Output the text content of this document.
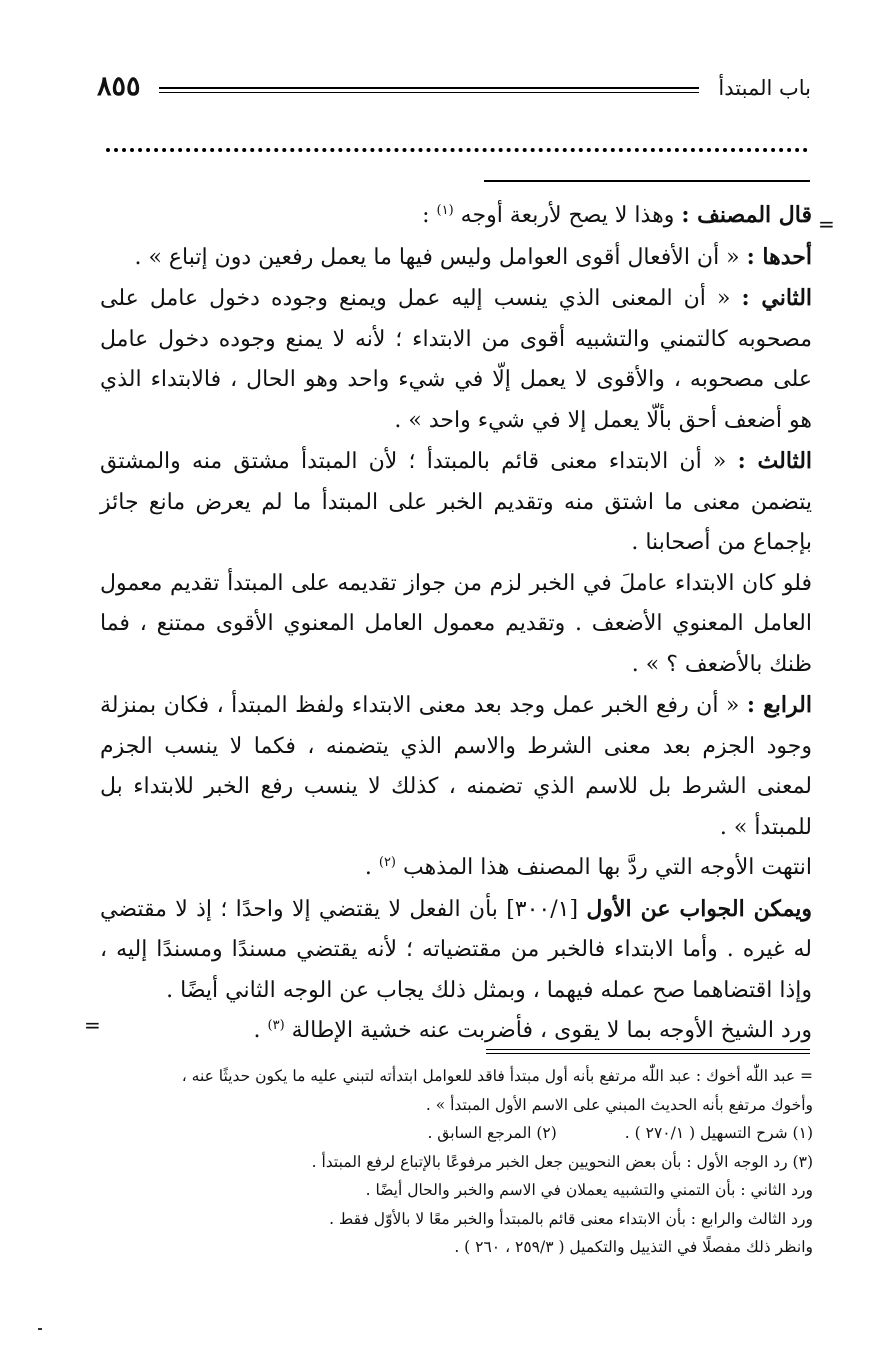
٨٥٥	باب المبتدأ
=
=

قال المصنف : وهذا لا يصح لأربعة أوجه $^{(١)}$ :

أحدها : « أن الأفعال أقوى العوامل وليس فيها ما يعمل رفعين دون إتباع » .

الثاني : « أن المعنى الذي ينسب إليه عمل ويمنع وجوده دخول عامل على مصحوبه كالتمني والتشبيه أقوى من الابتداء ؛ لأنه لا يمنع وجوده دخول عامل على مصحوبه ، والأقوى لا يعمل إلّا في شيء واحد وهو الحال ، فالابتداء الذي هو أضعف أحق بألّا يعمل إلا في شيء واحد » .

الثالث : « أن الابتداء معنى قائم بالمبتدأ ؛ لأن المبتدأ مشتق منه والمشتق يتضمن معنى ما اشتق منه وتقديم الخبر على المبتدأ ما لم يعرض مانع جائز بإجماع من أصحابنا .

فلو كان الابتداء عاملَ في الخبر لزم من جواز تقديمه على المبتدأ تقديم معمول العامل المعنوي الأضعف . وتقديم معمول العامل المعنوي الأقوى ممتنع ، فما ظنك بالأضعف ؟ » .

الرابع : « أن رفع الخبر عمل وجد بعد معنى الابتداء ولفظ المبتدأ ، فكان بمنزلة وجود الجزم بعد معنى الشرط والاسم الذي يتضمنه ، فكما لا ينسب الجزم لمعنى الشرط بل للاسم الذي تضمنه ، كذلك لا ينسب رفع الخبر للابتداء بل للمبتدأ » .

انتهت الأوجه التي ردَّ بها المصنف هذا المذهب $^{(٢)}$ .

ويمكن الجواب عن الأول [٣٠٠/١] بأن الفعل لا يقتضي إلا واحدًا ؛ إذ لا مقتضي له غيره . وأما الابتداء فالخبر من مقتضياته ؛ لأنه يقتضي مسندًا ومسندًا إليه ، وإذا اقتضاهما صح عمله فيهما ، وبمثل ذلك يجاب عن الوجه الثاني أيضًا .

ورد الشيخ الأوجه بما لا يقوى ، فأضربت عنه خشية الإطالة $^{(٣)}$ .

= عبد اللّٰه أخوك : عبد اللّٰه مرتفع بأنه أول مبتدأ فاقد للعوامل ابتدأته لتبني عليه ما يكون حديثًا عنه ،

وأخوك مرتفع بأنه الحديث المبني على الاسم الأول المبتدأ » .

(١) شرح التسهيل ( ٢٧٠/١ ) .
(٢) المرجع السابق .

(٣) رد الوجه الأول : بأن بعض النحويين جعل الخبر مرفوعًا بالإتباع لرفع المبتدأ .

ورد الثاني : بأن التمني والتشبيه يعملان في الاسم والخبر والحال أيضًا .

ورد الثالث والرابع : بأن الابتداء معنى قائم بالمبتدأ والخبر معًا لا بالأوّل فقط .

وانظر ذلك مفصلًا في التذييل والتكميل ( ٢٥٩/٣ ، ٢٦٠ ) .
